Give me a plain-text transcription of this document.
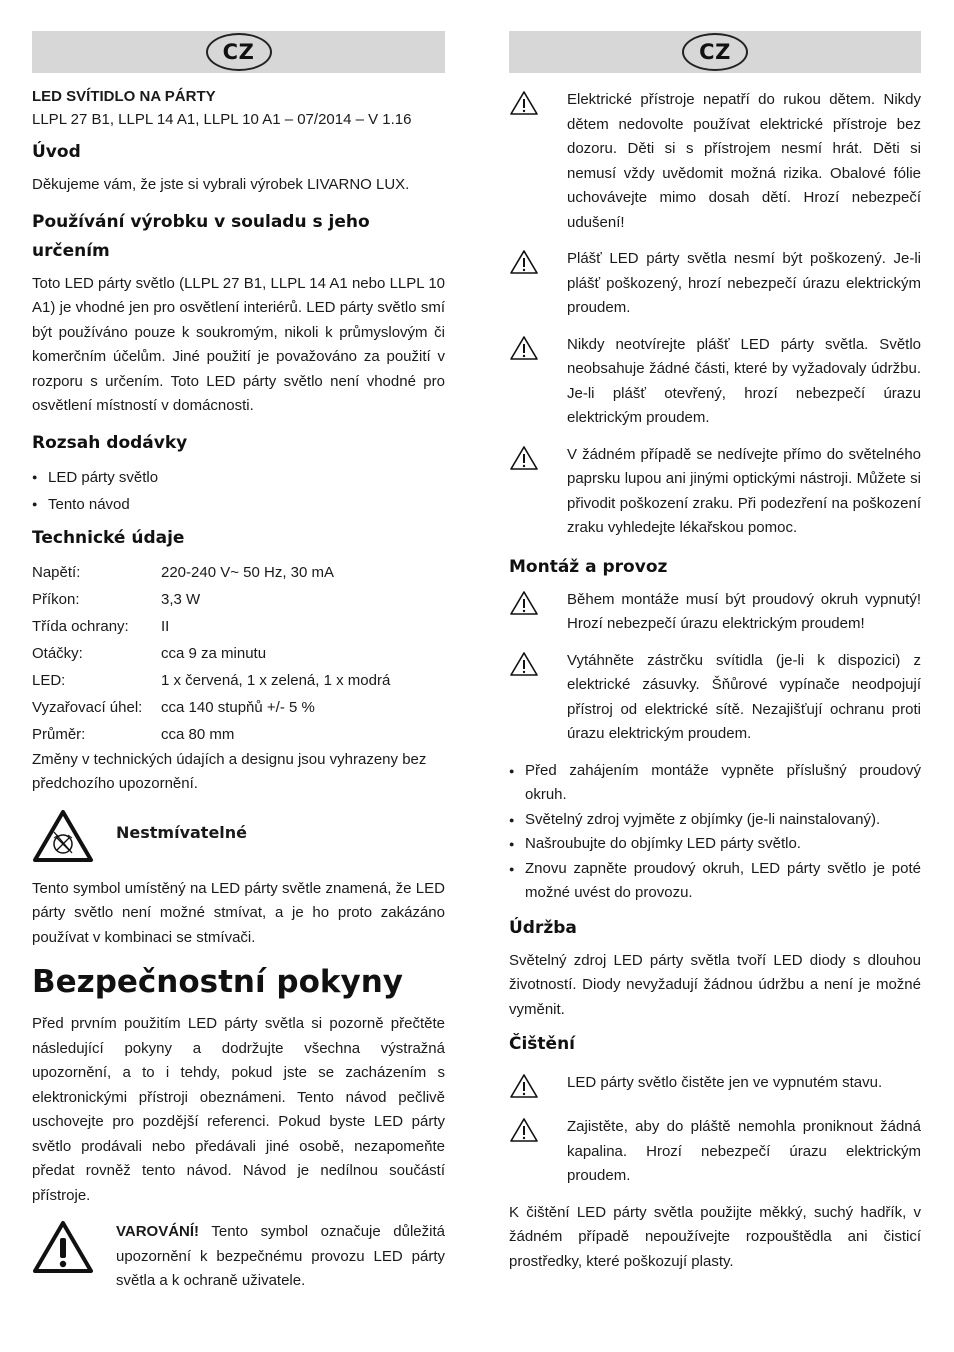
CZ
LED SVÍTIDLO NA PÁRTY

LLPL 27 B1, LLPL 14 A1, LLPL 10 A1 – 07/2014 – V 1.16

Úvod

Děkujeme vám, že jste si vybrali výrobek LIVARNO LUX.

Používání výrobku v souladu s jeho určením

Toto LED párty světlo (LLPL 27 B1, LLPL 14 A1 nebo LLPL 10 A1) je vhodné jen pro osvětlení interiérů. LED párty světlo smí být používáno pouze k soukromým, nikoli k průmyslovým či komerčním účelům. Jiné použití je považováno za použití v rozporu s určením. Toto LED párty světlo není vhodné pro osvětlení místností v domácnosti.

Rozsah dodávky
● LED párty světlo
● Tento návod
Technické údaje
Napětí:	220-240 V~ 50 Hz, 30 mA
Příkon:	3,3 W
Třída ochrany:	II
Otáčky:	cca 9 za minutu
LED:	1 x červená, 1 x zelená, 1 x modrá
Vyzařovací úhel:	cca 140 stupňů +/- 5 %
Průměr:	cca 80 mm

Změny v technických údajích a designu jsou vyhrazeny bez předchozího upozornění.

Nestmívatelné

Tento symbol umístěný na LED párty světle znamená, že LED párty světlo není možné stmívat, a je ho proto zakázáno používat v kombinaci se stmívači.

Bezpečnostní pokyny

Před prvním použitím LED párty světla si pozorně přečtěte následující pokyny a dodržujte všechna výstražná upozornění, a to i tehdy, pokud jste se zacházením s elektronickými přístroji obeznámeni. Tento návod pečlivě uschovejte pro pozdější referenci. Pokud byste LED párty světlo prodávali nebo předávali jiné osobě, nezapomeňte předat rovněž tento návod. Návod je nedílnou součástí přístroje.

VAROVÁNÍ! Tento symbol označuje důležitá upozornění k bezpečnému provozu LED párty světla a k ochraně uživatele.

CZ

Elektrické přístroje nepatří do rukou dětem. Nikdy dětem nedovolte používat elektrické přístroje bez dozoru. Děti si s přístrojem nesmí hrát. Děti si nemusí vždy uvědomit možná rizika. Obalové fólie uchovávejte mimo dosah dětí. Hrozí nebezpečí udušení!

Plášť LED párty světla nesmí být poškozený. Je-li plášť poškozený, hrozí nebezpečí úrazu elektrickým proudem.

Nikdy neotvírejte plášť LED párty světla. Světlo neobsahuje žádné části, které by vyžadovaly údržbu. Je-li plášť otevřený, hrozí nebezpečí úrazu elektrickým proudem.

V žádném případě se nedívejte přímo do světelného paprsku lupou ani jinými optickými nástroji. Můžete si přivodit poškození zraku. Při podezření na poškození zraku vyhledejte lékařskou pomoc.

Montáž a provoz

Během montáže musí být proudový okruh vypnutý! Hrozí nebezpečí úrazu elektrickým proudem!

Vytáhněte zástrčku svítidla (je-li k dispozici) z elektrické zásuvky. Šňůrové vypínače neodpojují přístroj od elektrické sítě. Nezajišťují ochranu proti úrazu elektrickým proudem.

● Před zahájením montáže vypněte příslušný proudový okruh.
● Světelný zdroj vyjměte z objímky (je-li nainstalovaný).
● Našroubujte do objímky LED párty světlo.
● Znovu zapněte proudový okruh, LED párty světlo je poté možné uvést do provozu.
Údržba

Světelný zdroj LED párty světla tvoří LED diody s dlouhou životností. Diody nevyžadují žádnou údržbu a není je možné vyměnit.

Čištění

LED párty světlo čistěte jen ve vypnutém stavu.

Zajistěte, aby do pláště nemohla proniknout žádná kapalina. Hrozí nebezpečí úrazu elektrickým proudem.

K čištění LED párty světla použijte měkký, suchý hadřík, v žádném případě nepoužívejte rozpouštědla ani čisticí prostředky, které poškozují plasty.
